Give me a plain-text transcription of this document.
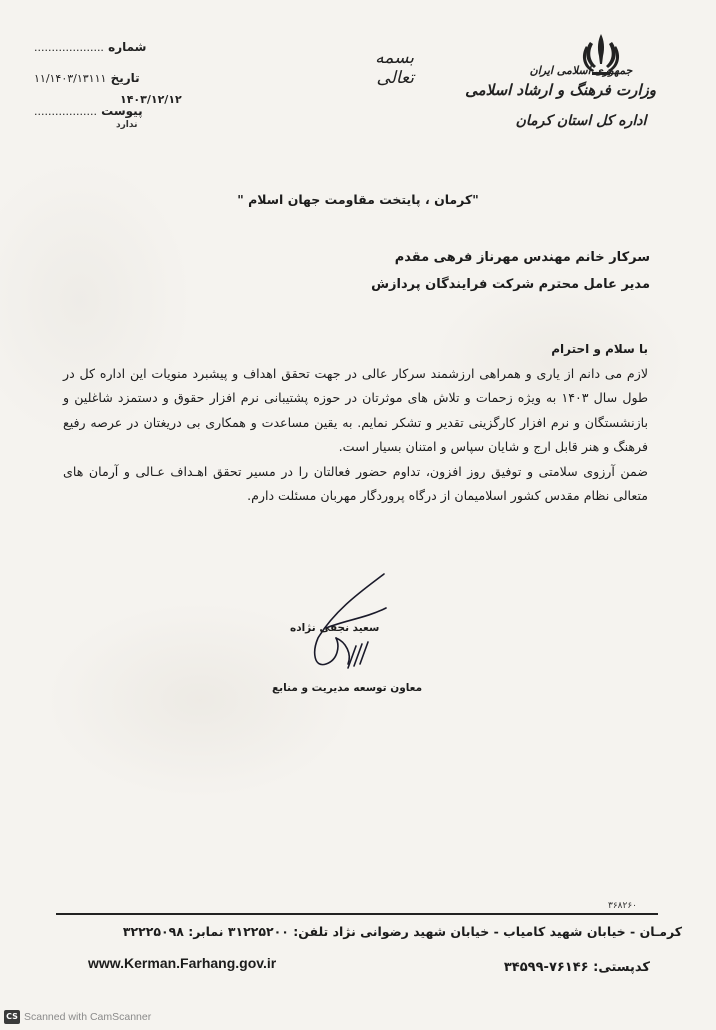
جمهوری اسلامی ایران
وزارت فرهنگ و ارشاد اسلامی
اداره کل استان کرمان
بسمه تعالی
شماره ....................
تاریخ ۱۱/۱۴۰۳/۱۳۱۱۱
۱۴۰۳/۱۲/۱۲
پیوست ..................
ندارد
"کرمان ، پایتخت مقاومت جهان اسلام "
سرکار خانم مهندس مهرناز فرهی مقدم
مدیر عامل محترم شرکت فرایندگان پردازش

با سلام و احترام

لازم می دانم از یاری و همراهی ارزشمند سرکار عالی در جهت تحقق اهداف و پیشبرد منویات این اداره کل در طول سال ۱۴۰۳ به ویژه زحمات و تلاش های موثرتان در حوزه پشتیبانی نرم افزار حقوق و دستمزد شاغلین و بازنشستگان و نرم افزار کارگزینی تقدیر و تشکر نمایم. به یقین مساعدت و همکاری بی دریغتان در عرصه رفیع فرهنگ و هنر قابل ارج و شایان سپاس و امتنان بسیار است.

ضمن آرزوی سلامتی و توفیق روز افزون، تداوم حضور فعالتان را در مسیر تحقق اهـداف عـالی و آرمان های متعالی نظام مقدس کشور اسلامیمان از درگاه پروردگار مهربان مسئلت دارم.

سعید نجفی نژاده
معاون توسعه مدیریت و منابع
۳۶۸۲۶۰
کرمـان - خیابان شهید کامیاب - خیابان شهید رضوانی نژاد تلفن: ۳۱۲۲۵۲۰۰ نمابر: ۳۲۲۲۵۰۹۸
کدپستی: ۷۶۱۴۶-۳۴۵۹۹
www.Kerman.Farhang.gov.ir
CS Scanned with CamScanner
